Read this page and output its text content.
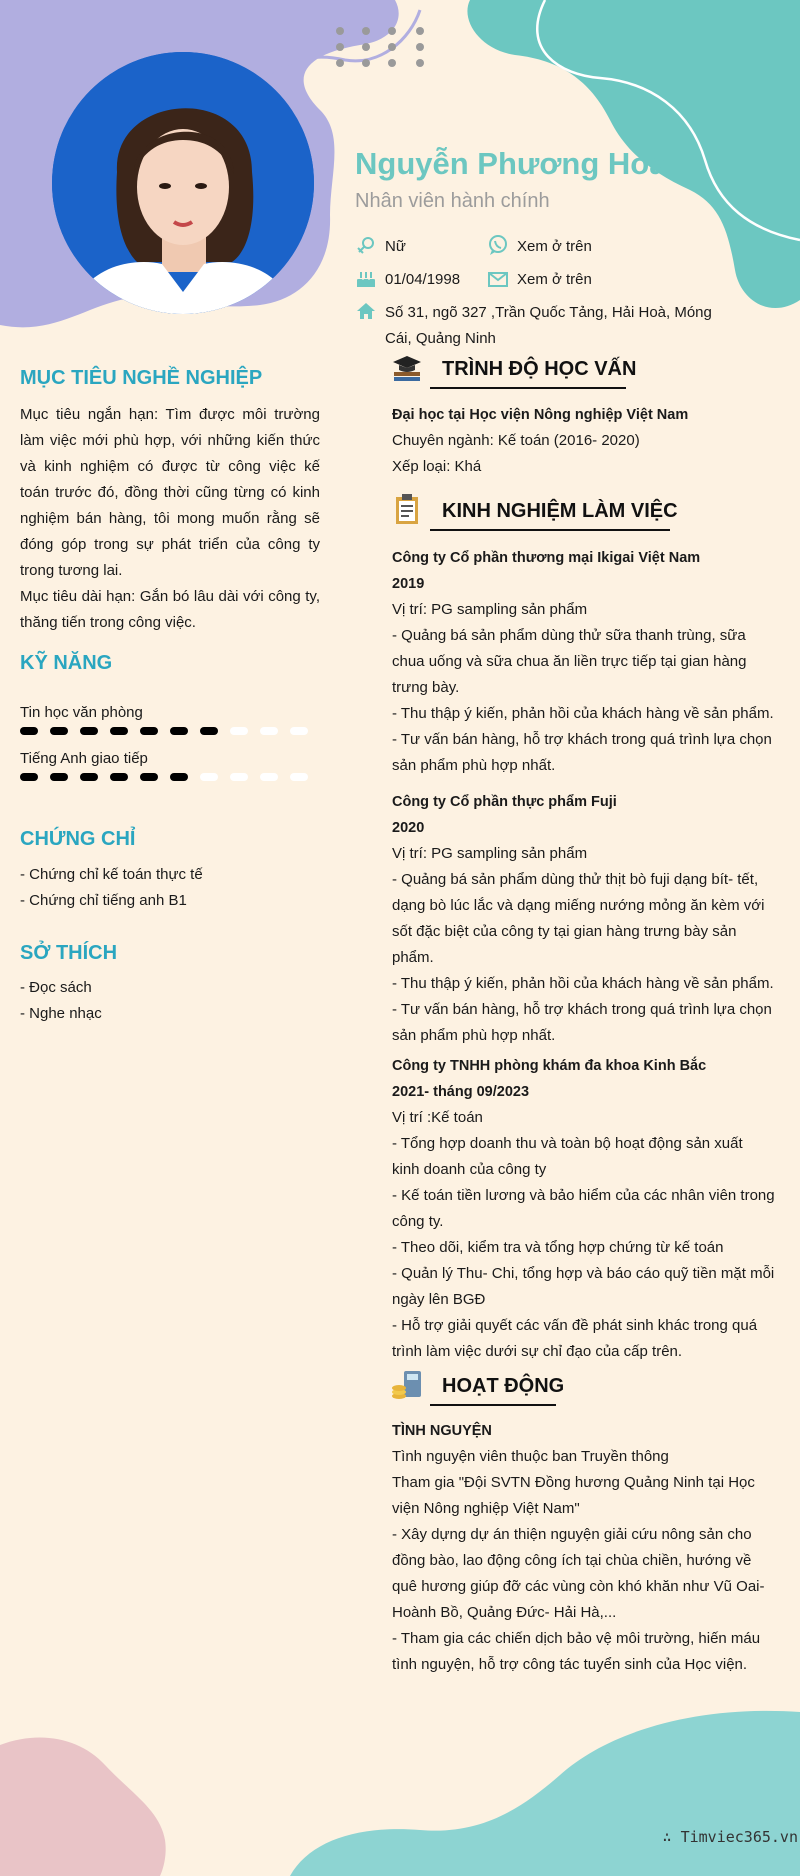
Nguyễn Phương Hoa
Nhân viên hành chính
Nữ	Xem ở trên
01/04/1998	Xem ở trên
Số 31, ngõ 327 ,Trần Quốc Tảng, Hải Hoà, Móng
Cái, Quảng Ninh
MỤC TIÊU NGHỀ NGHIỆP
Mục tiêu ngắn hạn: Tìm được môi trường làm việc mới phù hợp, với những kiến thức và kinh nghiệm có được từ công việc kế toán trước đó, đồng thời cũng từng có kinh nghiệm bán hàng, tôi mong muốn rằng sẽ đóng góp trong sự phát triển của công ty trong tương lai.
Mục tiêu dài hạn: Gắn bó lâu dài với công ty, thăng tiến trong công việc.
KỸ NĂNG
Tin học văn phòng
Tiếng Anh giao tiếp
CHỨNG CHỈ
- Chứng chỉ kế toán thực tế
- Chứng chỉ tiếng anh B1
SỞ THÍCH
- Đọc sách
- Nghe nhạc
TRÌNH ĐỘ HỌC VẤN
Đại học tại Học viện Nông nghiệp Việt Nam
Chuyên ngành: Kế toán (2016- 2020)
Xếp loại: Khá
KINH NGHIỆM LÀM VIỆC
Công ty Cổ phần thương mại Ikigai Việt Nam
2019
Vị trí: PG sampling sản phẩm
- Quảng bá sản phẩm dùng thử sữa thanh trùng, sữa
chua uống và sữa chua ăn liền trực tiếp tại gian hàng
trưng bày.
- Thu thập ý kiến, phản hồi của khách hàng về sản phẩm.
- Tư vấn bán hàng, hỗ trợ khách trong quá trình lựa chọn
sản phẩm phù hợp nhất.
Công ty Cổ phần thực phẩm Fuji
2020
Vị trí: PG sampling sản phẩm
- Quảng bá sản phẩm dùng thử thịt bò fuji dạng bít- tết,
dạng bò lúc lắc và dạng miếng nướng mỏng ăn kèm với
sốt đặc biệt của công ty tại gian hàng trưng bày sản
phẩm.
- Thu thập ý kiến, phản hồi của khách hàng về sản phẩm.
- Tư vấn bán hàng, hỗ trợ khách trong quá trình lựa chọn
sản phẩm phù hợp nhất.
Công ty TNHH phòng khám đa khoa Kinh Bắc
2021- tháng 09/2023
Vị trí :Kế toán
- Tổng hợp doanh thu và toàn bộ hoạt động sản xuất
kinh doanh của công ty
- Kế toán tiền lương và bảo hiểm của các nhân viên trong
công ty.
- Theo dõi, kiểm tra và tổng hợp chứng từ kế toán
- Quản lý Thu- Chi, tổng hợp và báo cáo quỹ tiền mặt mỗi
ngày lên BGĐ
- Hỗ trợ giải quyết các vấn đề phát sinh khác trong quá
trình làm việc dưới sự chỉ đạo của cấp trên.
HOẠT ĐỘNG
TÌNH NGUYỆN
Tình nguyện viên thuộc ban Truyền thông
Tham gia "Đội SVTN Đồng hương Quảng Ninh tại Học
viện Nông nghiệp Việt Nam"
- Xây dựng dự án thiện nguyện giải cứu nông sản cho
đồng bào, lao động công ích tại chùa chiền, hướng về
quê hương giúp đỡ các vùng còn khó khăn như Vũ Oai-
Hoành Bồ, Quảng Đức- Hải Hà,...
- Tham gia các chiến dịch bảo vệ môi trường, hiến máu
tình nguyện, hỗ trợ công tác tuyển sinh của Học viện.
∴ Timviec365.vn
